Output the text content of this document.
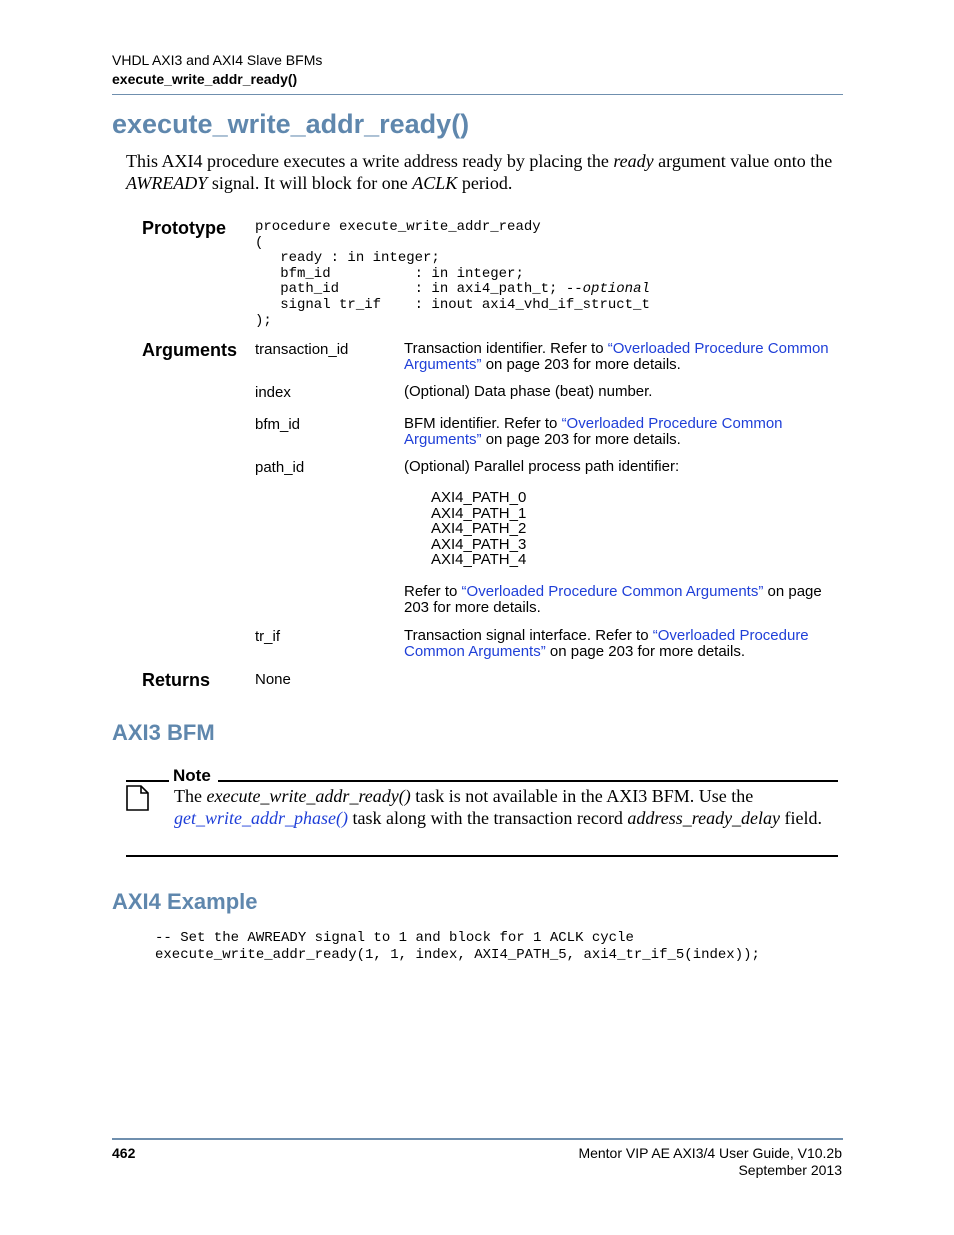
VHDL AXI3 and AXI4 Slave BFMs
execute_write_addr_ready()
execute_write_addr_ready()
This AXI4 procedure executes a write address ready by placing the ready argument value onto the AWREADY signal. It will block for one ACLK period.
Prototype procedure execute_write_addr_ready
(
ready : in integer;
bfm_id          : in integer;
path_id         : in axi4_path_t; --optional
signal tr_if    : inout axi4_vhd_if_struct_t
);
Arguments transaction_id	Transaction identifier. Refer to “Overloaded Procedure Common Arguments” on page 203 for more details.
index	(Optional) Data phase (beat) number.
bfm_id	BFM identifier. Refer to “Overloaded Procedure Common Arguments” on page 203 for more details.
path_id	(Optional) Parallel process path identifier:
AXI4_PATH_0
AXI4_PATH_1
AXI4_PATH_2
AXI4_PATH_3
AXI4_PATH_4
Refer to “Overloaded Procedure Common Arguments” on page 203 for more details.
tr_if	Transaction signal interface. Refer to “Overloaded Procedure Common Arguments” on page 203 for more details.
Returns	None
AXI3 BFM
Note
The execute_write_addr_ready() task is not available in the AXI3 BFM. Use the get_write_addr_phase() task along with the transaction record address_ready_delay field.
AXI4 Example
-- Set the AWREADY signal to 1 and block for 1 ACLK cycle
execute_write_addr_ready(1, 1, index, AXI4_PATH_5, axi4_tr_if_5(index));
462	Mentor VIP AE AXI3/4 User Guide, V10.2b
September 2013
